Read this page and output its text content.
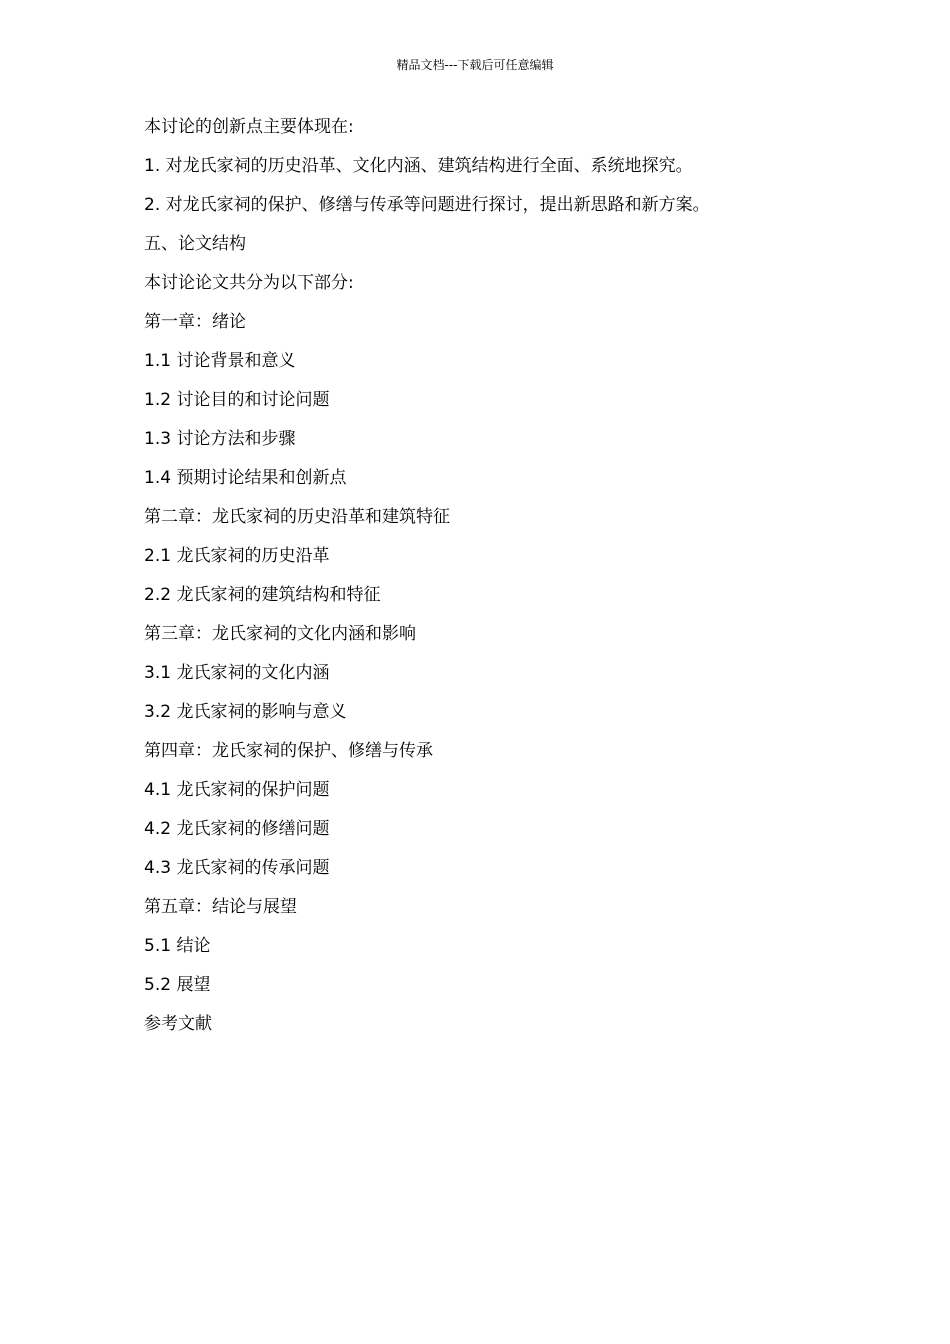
精品文档---下载后可任意编辑

本讨论的创新点主要体现在:

1. 对龙氏家祠的历史沿革、文化内涵、建筑结构进行全面、系统地探究。

2. 对龙氏家祠的保护、修缮与传承等问题进行探讨，提出新思路和新方案。

五、论文结构

本讨论论文共分为以下部分:

第一章：绪论

1.1 讨论背景和意义

1.2 讨论目的和讨论问题

1.3 讨论方法和步骤

1.4 预期讨论结果和创新点

第二章：龙氏家祠的历史沿革和建筑特征

2.1 龙氏家祠的历史沿革

2.2 龙氏家祠的建筑结构和特征

第三章：龙氏家祠的文化内涵和影响

3.1 龙氏家祠的文化内涵

3.2 龙氏家祠的影响与意义

第四章：龙氏家祠的保护、修缮与传承

4.1 龙氏家祠的保护问题

4.2 龙氏家祠的修缮问题

4.3 龙氏家祠的传承问题

第五章：结论与展望

5.1 结论

5.2 展望

参考文献
